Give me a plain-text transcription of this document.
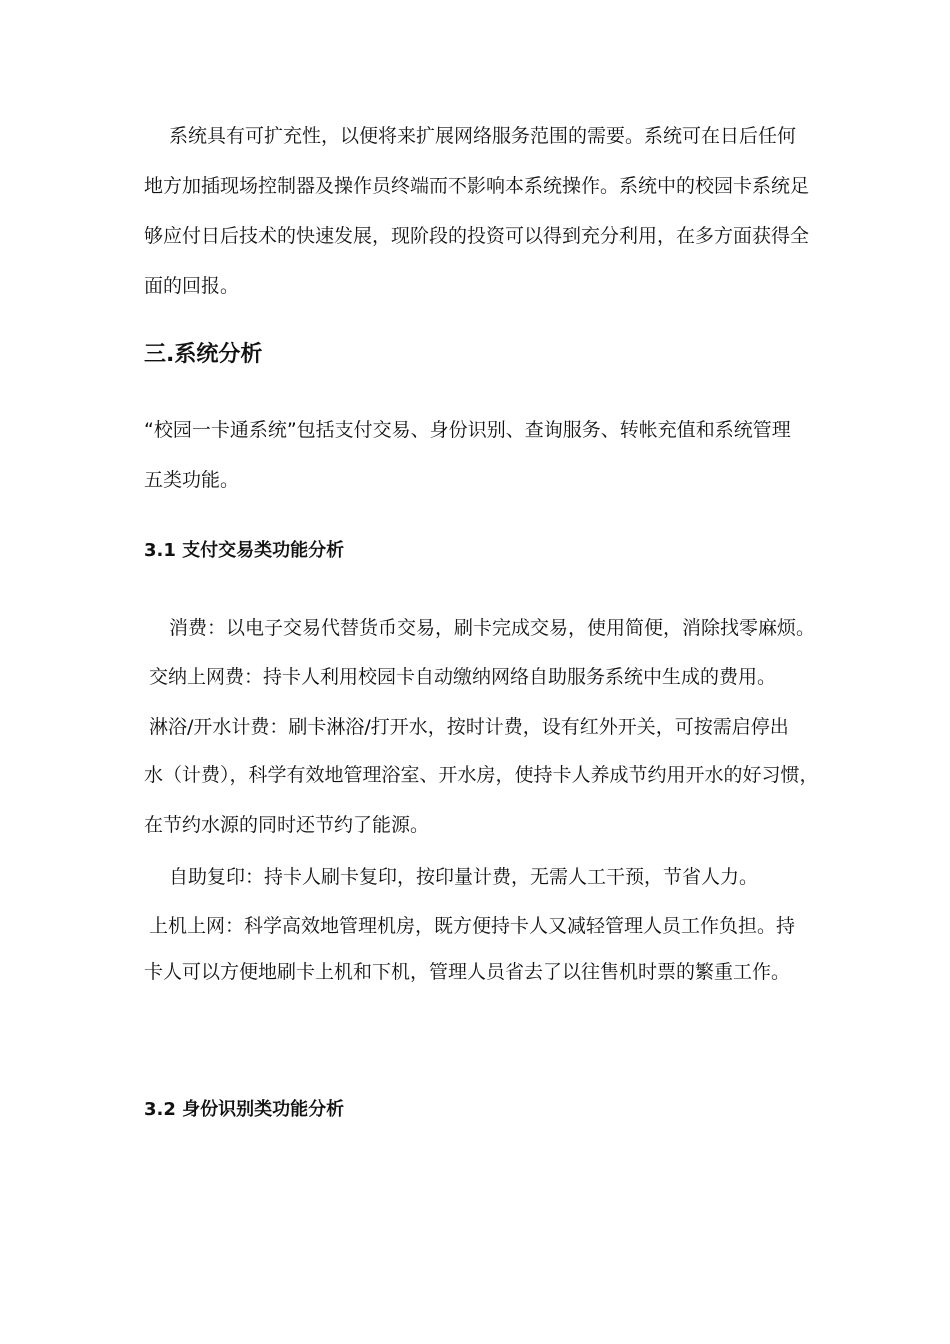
系统具有可扩充性，以便将来扩展网络服务范围的需要。系统可在日后任何

地方加插现场控制器及操作员终端而不影响本系统操作。系统中的校园卡系统足

够应付日后技术的快速发展，现阶段的投资可以得到充分利用，在多方面获得全

面的回报。

三.系统分析

“校园一卡通系统”包括支付交易、身份识别、查询服务、转帐充值和系统管理

五类功能。

3.1 支付交易类功能分析

消费：以电子交易代替货币交易，刷卡完成交易，使用简便，消除找零麻烦。

交纳上网费：持卡人利用校园卡自动缴纳网络自助服务系统中生成的费用。

淋浴/开水计费：刷卡淋浴/打开水，按时计费，设有红外开关，可按需启停出

水（计费），科学有效地管理浴室、开水房，使持卡人养成节约用开水的好习惯，

在节约水源的同时还节约了能源。

自助复印：持卡人刷卡复印，按印量计费，无需人工干预，节省人力。

上机上网：科学高效地管理机房，既方便持卡人又减轻管理人员工作负担。持

卡人可以方便地刷卡上机和下机，管理人员省去了以往售机时票的繁重工作。

3.2 身份识别类功能分析
